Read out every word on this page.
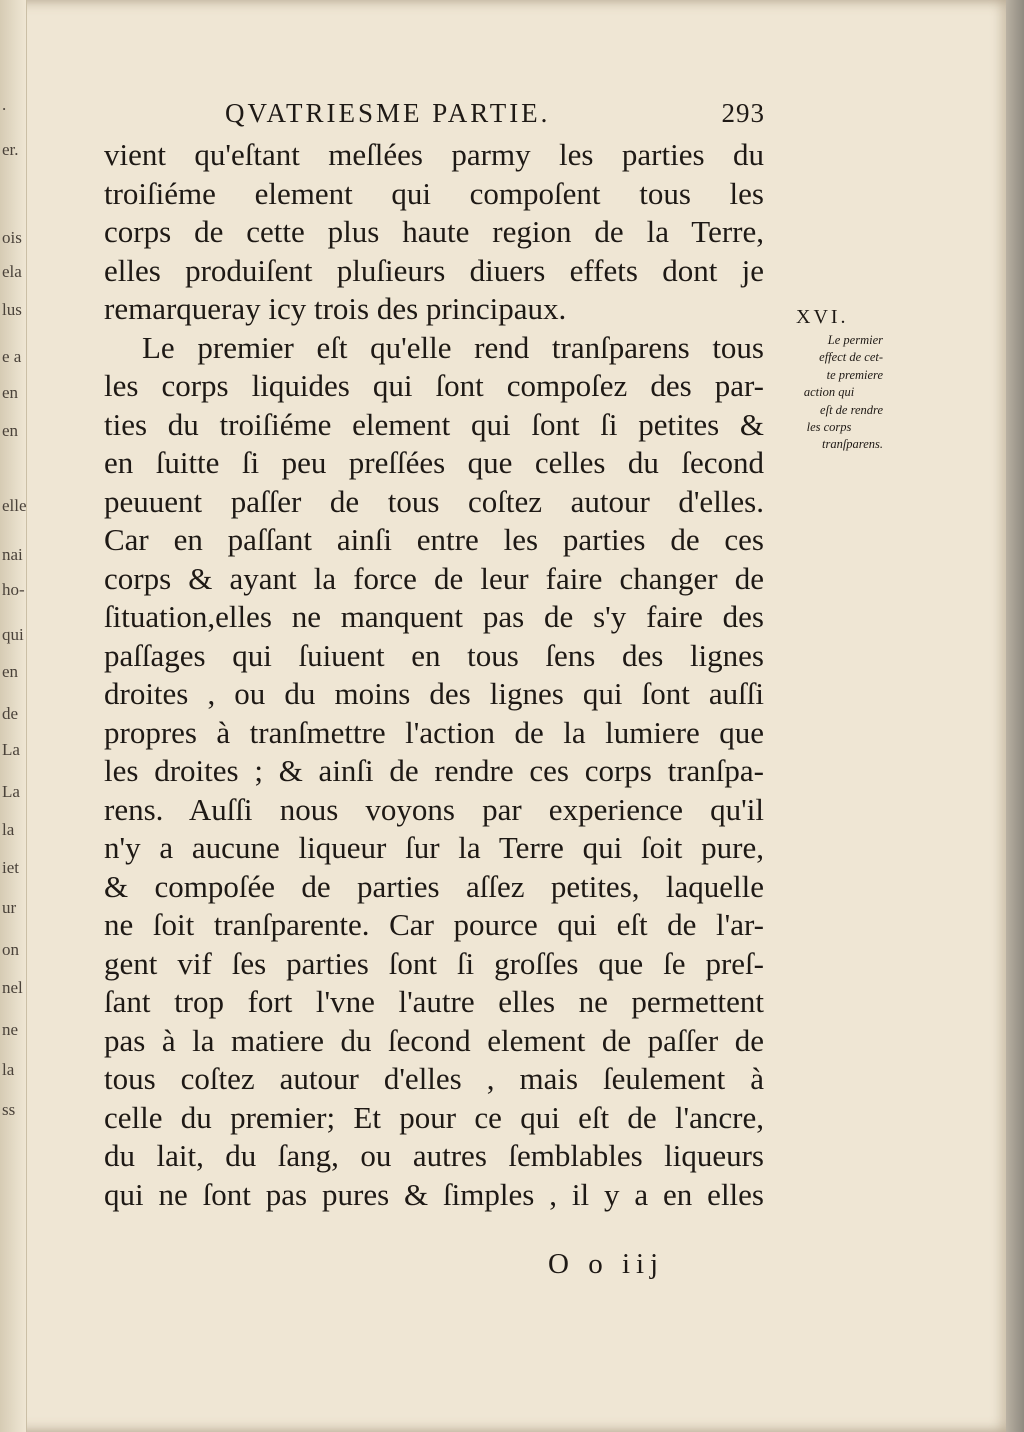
.
er.
ois
ela
lus
e a
en
en
elle
nai
ho-
qui
en
de
La
La
la
iet
ur
on
nel
ne
la
ss
QVATRIESME PARTIE.	293
vient qu'eſtant meſlées parmy les parties du
troiſiéme element qui compoſent tous les
corps de cette plus haute region de la Terre,
elles produiſent pluſieurs diuers effets dont je
remarqueray icy trois des principaux.
Le premier eſt qu'elle rend tranſparens tous
les corps liquides qui ſont compoſez des par-
ties du troiſiéme element qui ſont ſi petites &
en ſuitte ſi peu preſſées que celles du ſecond
peuuent paſſer de tous coſtez autour d'elles.
Car en paſſant ainſi entre les parties de ces
corps & ayant la force de leur faire changer de
ſituation,elles ne manquent pas de s'y faire des
paſſages qui ſuiuent en tous ſens des lignes
droites , ou du moins des lignes qui ſont auſſi
propres à tranſmettre l'action de la lumiere que
les droites ; & ainſi de rendre ces corps tranſpa-
rens. Auſſi nous voyons par experience qu'il
n'y a aucune liqueur ſur la Terre qui ſoit pure,
& compoſée de parties aſſez petites, laquelle
ne ſoit tranſparente. Car pource qui eſt de l'ar-
gent vif ſes parties ſont ſi groſſes que ſe preſ-
ſant trop fort l'vne l'autre elles ne permettent
pas à la matiere du ſecond element de paſſer de
tous coſtez autour d'elles , mais ſeulement à
celle du premier; Et pour ce qui eſt de l'ancre,
du lait, du ſang, ou autres ſemblables liqueurs
qui ne ſont pas pures & ſimples , il y a en elles
O o iij
XVI.
Le permier
effect de cet-
te premiere
action qui
eſt de rendre
les corps
tranſparens.
